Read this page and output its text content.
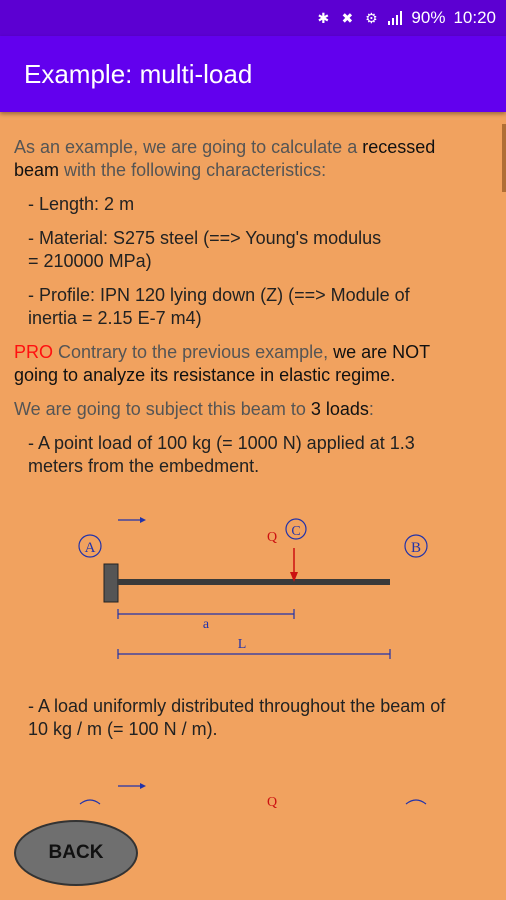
✱ ✖ ⚙ 90% 10:20
Example: multi-load
As an example, we are going to calculate a recessed
beam with the following characteristics:
- Length: 2 m
- Material: S275 steel (==> Young's modulus
= 210000 MPa)
- Profile: IPN 120 lying down (Z) (==> Module of
inertia = 2.15 E-7 m4)
PRO Contrary to the previous example, we are NOT
going to analyze its resistance in elastic regime.
We are going to subject this beam to 3 loads:
- A point load of 100 kg (= 1000 N) applied at 1.3
meters from the embedment.
A	B
C
Q
a
L
- A load uniformly distributed throughout the beam of
10 kg / m (= 100 N / m).
Q
BACK
